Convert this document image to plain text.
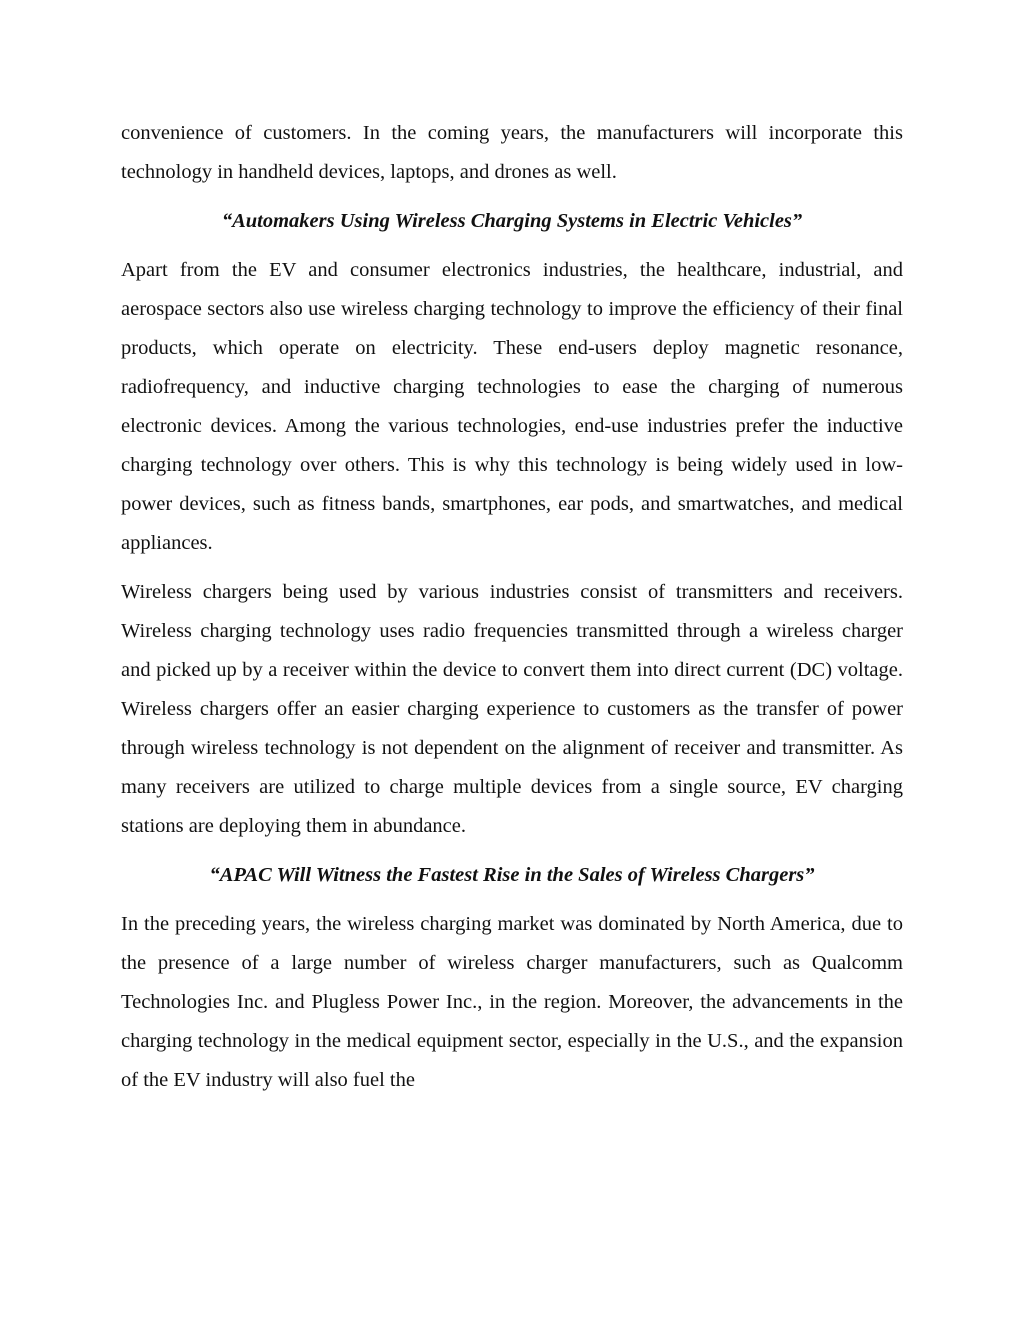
convenience of customers. In the coming years, the manufacturers will incorporate this technology in handheld devices, laptops, and drones as well.

“Automakers Using Wireless Charging Systems in Electric Vehicles”

Apart from the EV and consumer electronics industries, the healthcare, industrial, and aerospace sectors also use wireless charging technology to improve the efficiency of their final products, which operate on electricity. These end-users deploy magnetic resonance, radiofrequency, and inductive charging technologies to ease the charging of numerous electronic devices. Among the various technologies, end-use industries prefer the inductive charging technology over others. This is why this technology is being widely used in low-power devices, such as fitness bands, smartphones, ear pods, and smartwatches, and medical appliances.

Wireless chargers being used by various industries consist of transmitters and receivers. Wireless charging technology uses radio frequencies transmitted through a wireless charger and picked up by a receiver within the device to convert them into direct current (DC) voltage. Wireless chargers offer an easier charging experience to customers as the transfer of power through wireless technology is not dependent on the alignment of receiver and transmitter. As many receivers are utilized to charge multiple devices from a single source, EV charging stations are deploying them in abundance.

“APAC Will Witness the Fastest Rise in the Sales of Wireless Chargers”

In the preceding years, the wireless charging market was dominated by North America, due to the presence of a large number of wireless charger manufacturers, such as Qualcomm Technologies Inc. and Plugless Power Inc., in the region. Moreover, the advancements in the charging technology in the medical equipment sector, especially in the U.S., and the expansion of the EV industry will also fuel the
